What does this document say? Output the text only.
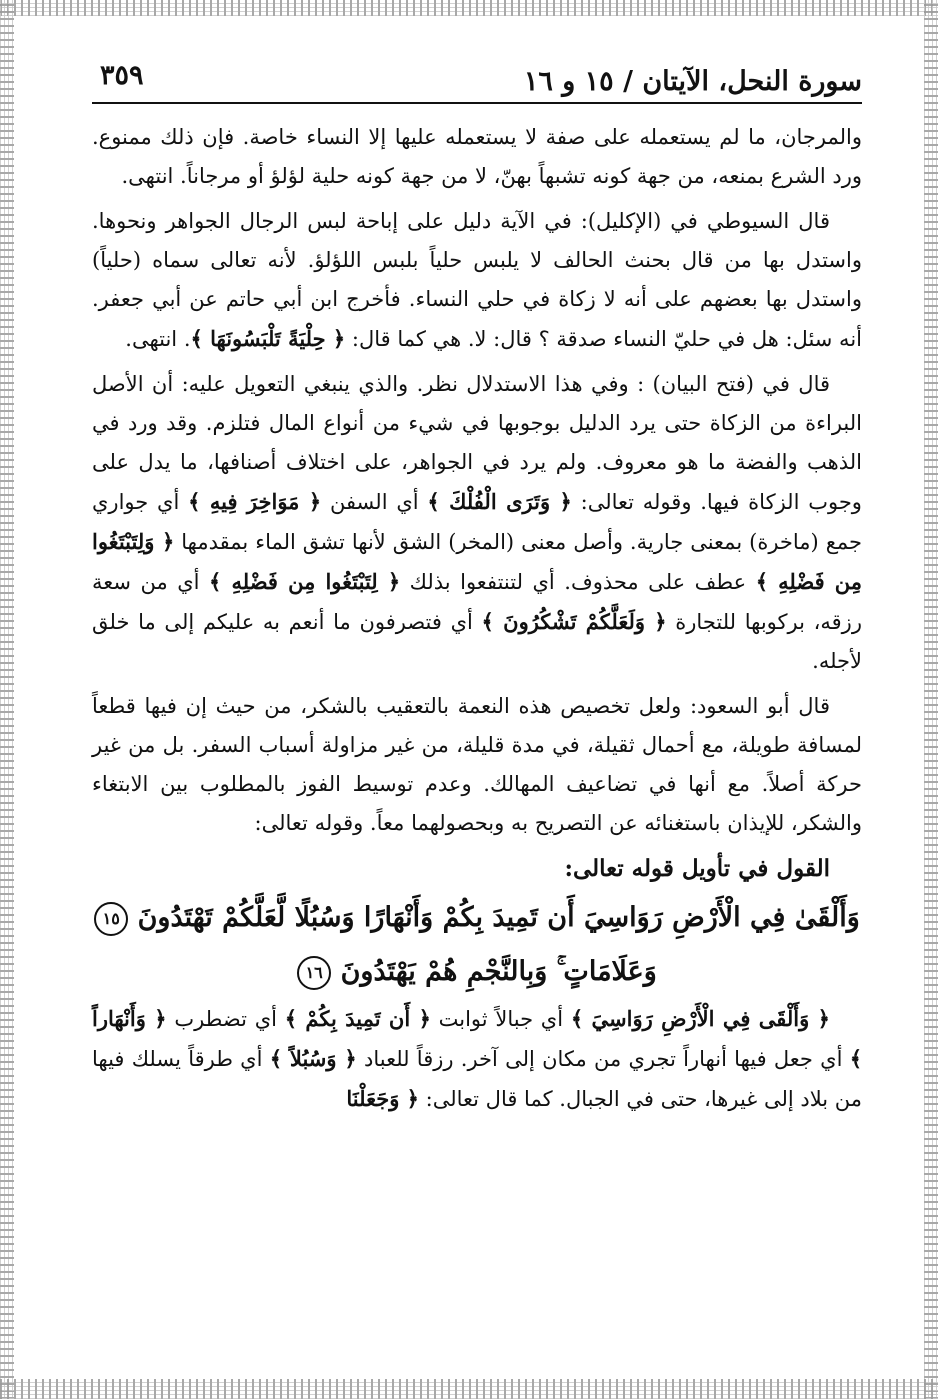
سورة النحل، الآيتان / ١٥ و ١٦
٣٥٩

والمرجان، ما لم يستعمله على صفة لا يستعمله عليها إلا النساء خاصة. فإن ذلك ممنوع. ورد الشرع بمنعه، من جهة كونه تشبهاً بهنّ، لا من جهة كونه حلية لؤلؤ أو مرجاناً. انتهى.

قال السيوطي في (الإكليل): في الآية دليل على إباحة لبس الرجال الجواهر ونحوها. واستدل بها من قال بحنث الحالف لا يلبس حلياً بلبس اللؤلؤ. لأنه تعالى سماه (حلياً) واستدل بها بعضهم على أنه لا زكاة في حلي النساء. فأخرج ابن أبي حاتم عن أبي جعفر. أنه سئل: هل في حليّ النساء صدقة ؟ قال: لا. هي كما قال: ﴿ حِلْيَةً تَلْبَسُونَهَا ﴾. انتهى.

قال في (فتح البيان) : وفي هذا الاستدلال نظر. والذي ينبغي التعويل عليه: أن الأصل البراءة من الزكاة حتى يرد الدليل بوجوبها في شيء من أنواع المال فتلزم. وقد ورد في الذهب والفضة ما هو معروف. ولم يرد في الجواهر، على اختلاف أصنافها، ما يدل على وجوب الزكاة فيها. وقوله تعالى: ﴿ وَتَرَى الْفُلْكَ ﴾ أي السفن ﴿ مَوَاخِرَ فِيهِ ﴾ أي جواري جمع (ماخرة) بمعنى جارية. وأصل معنى (المخر) الشق لأنها تشق الماء بمقدمها ﴿ وَلِتَبْتَغُوا مِن فَضْلِهِ ﴾ عطف على محذوف. أي لتنتفعوا بذلك ﴿ لِتَبْتَغُوا مِن فَضْلِهِ ﴾ أي من سعة رزقه، بركوبها للتجارة ﴿ وَلَعَلَّكُمْ تَشْكُرُونَ ﴾ أي فتصرفون ما أنعم به عليكم إلى ما خلق لأجله.

قال أبو السعود: ولعل تخصيص هذه النعمة بالتعقيب بالشكر، من حيث إن فيها قطعاً لمسافة طويلة، مع أحمال ثقيلة، في مدة قليلة، من غير مزاولة أسباب السفر. بل من غير حركة أصلاً. مع أنها في تضاعيف المهالك. وعدم توسيط الفوز بالمطلوب بين الابتغاء والشكر، للإيذان باستغنائه عن التصريح به وبحصولهما معاً. وقوله تعالى:

القول في تأويل قوله تعالى:
وَأَلْقَىٰ فِي الْأَرْضِ رَوَاسِيَ أَن تَمِيدَ بِكُمْ وَأَنْهَارًا وَسُبُلًا لَّعَلَّكُمْ تَهْتَدُونَ ١٥
وَعَلَامَاتٍ ۚ وَبِالنَّجْمِ هُمْ يَهْتَدُونَ ١٦

﴿ وَأَلْقَى فِي الْأَرْضِ رَوَاسِيَ ﴾ أي جبالاً ثوابت ﴿ أَن تَمِيدَ بِكُمْ ﴾ أي تضطرب ﴿ وَأَنْهَاراً ﴾ أي جعل فيها أنهاراً تجري من مكان إلى آخر. رزقاً للعباد ﴿ وَسُبُلاً ﴾ أي طرقاً يسلك فيها من بلاد إلى غيرها، حتى في الجبال. كما قال تعالى: ﴿ وَجَعَلْنَا
